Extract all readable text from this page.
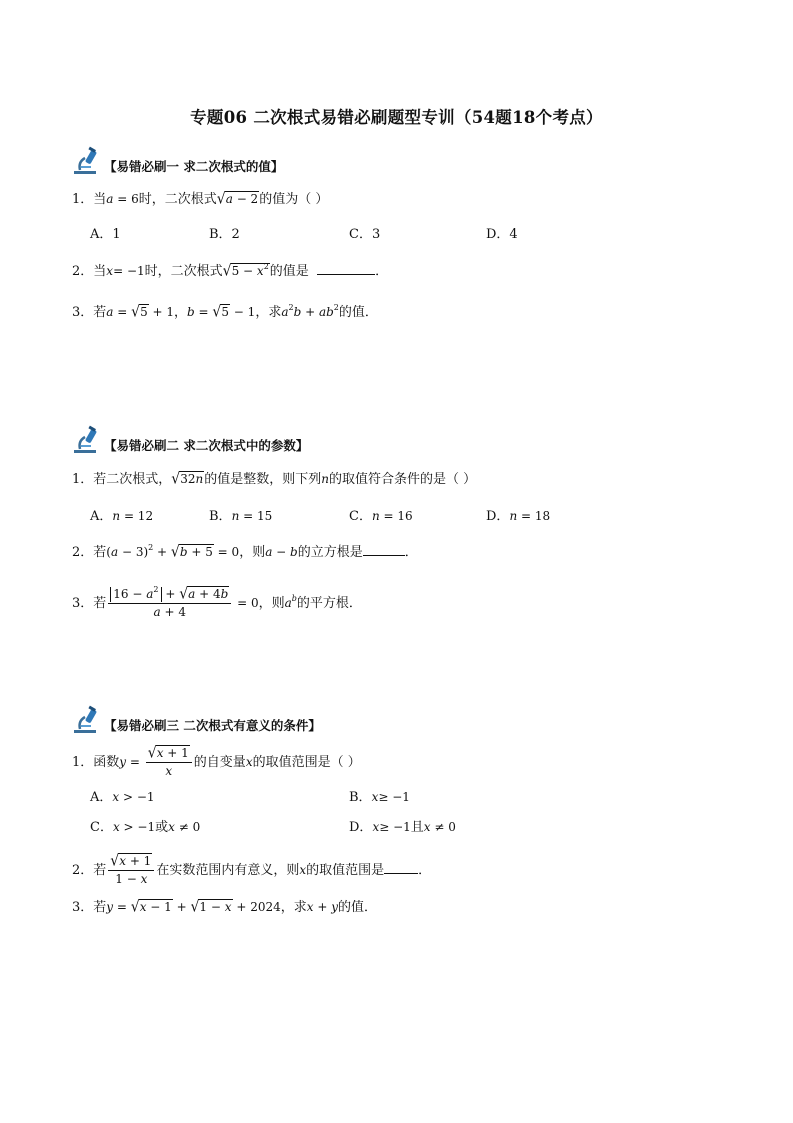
专题06 二次根式易错必刷题型专训（54题18个考点）
【易错必刷一 求二次根式的值】
1．当a = 6时，二次根式√a − 2的值为（ ）
A．1	B．2	C．3	D．4
2．当x= −1时，二次根式$√5 - x^2$的值是	．
3．若a = √5 + 1，b = √5 − 1，求$a^2b + ab^2$的值．
【易错必刷二 求二次根式中的参数】
1．若二次根式，√32n的值是整数，则下列n的取值符合条件的是（ ）
A．n = 12	B．n = 15	C．n = 16	D．n = 18
2．若$(a - 3)^2 + √b + 5 = 0$，则a − b的立方根是	．
3．若 $\frac{16 - a^2 + √a + 4b}{a + 4} = 0$，则$a^b$的平方根．
【易错必刷三 二次根式有意义的条件】
1．函数$y = \frac{√x + 1}{x}$ 的自变量x的取值范围是（ ）
A．x > −1	B．x≥ −1
C．x > −1或x ≠ 0	D．x≥ −1且x ≠ 0
2．若 $\frac{√x + 1}{1 - x}$ 在实数范围内有意义，则x的取值范围是	．
3．若y = √x − 1 + √1 − x + 2024，求x + y的值．
